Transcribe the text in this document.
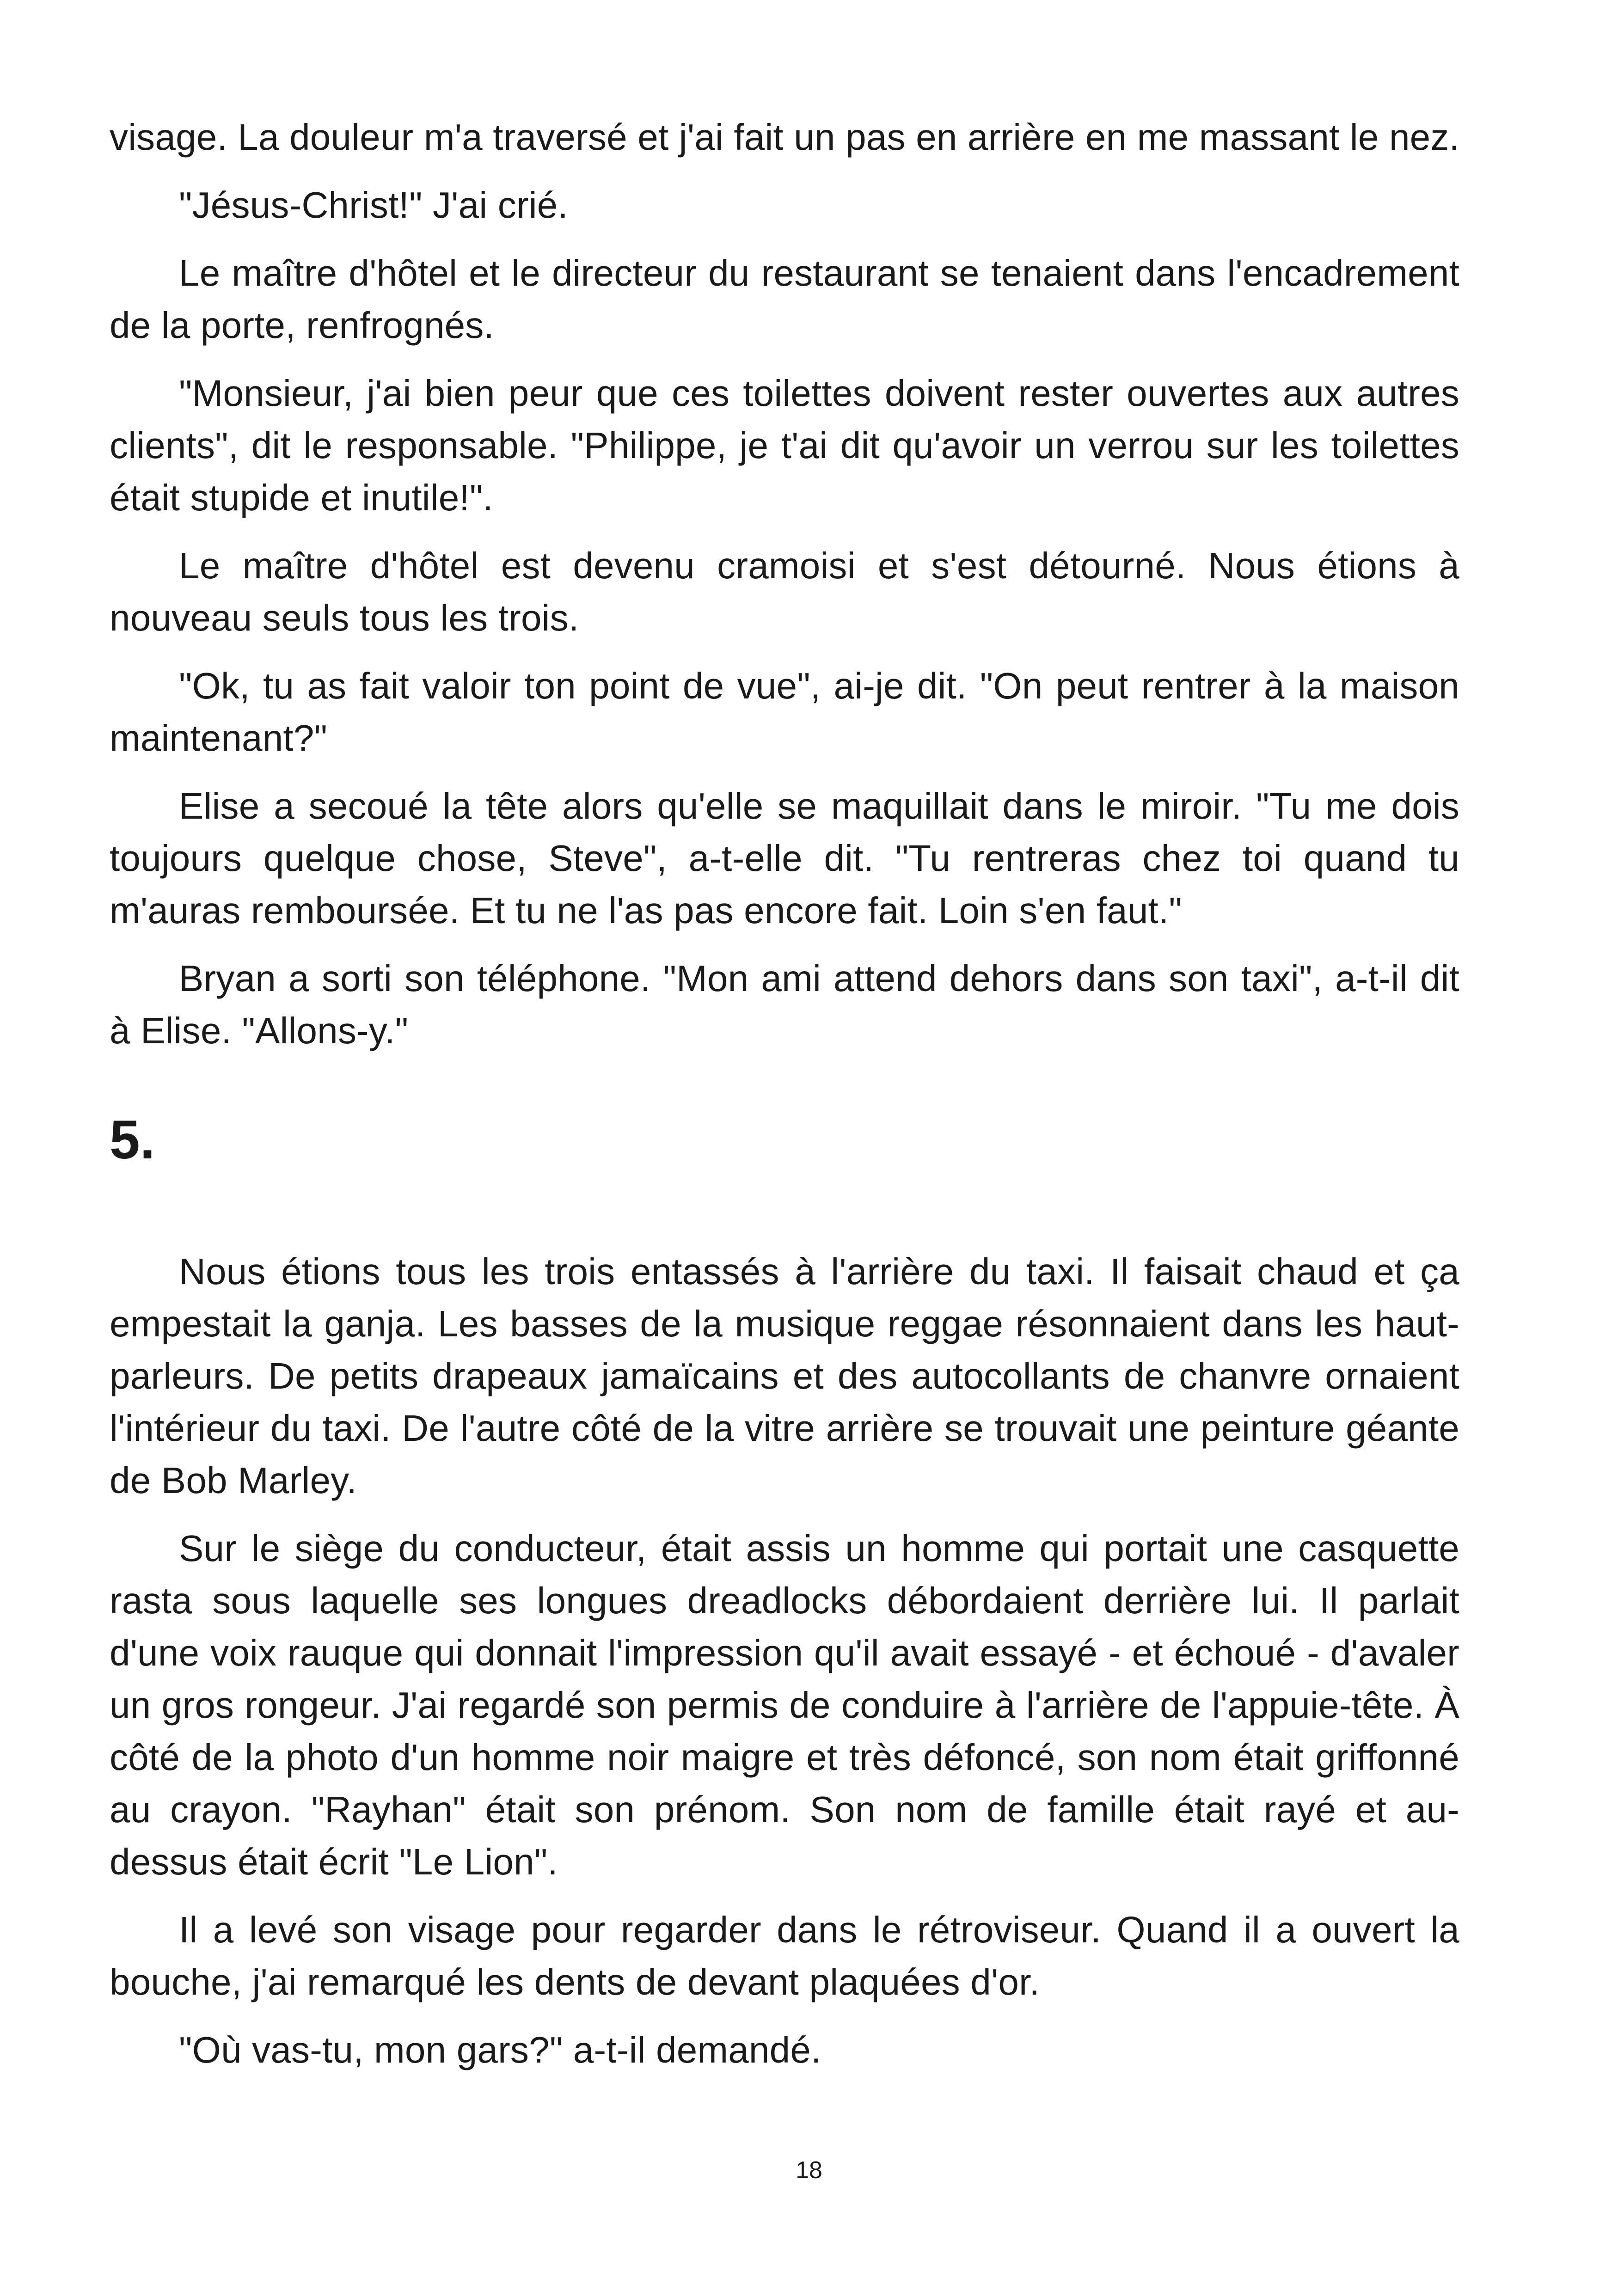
visage. La douleur m'a traversé et j'ai fait un pas en arrière en me massant le nez.

"Jésus-Christ!" J'ai crié.

Le maître d'hôtel et le directeur du restaurant se tenaient dans l'encadrement de la porte, renfrognés.

"Monsieur, j'ai bien peur que ces toilettes doivent rester ouvertes aux autres clients", dit le responsable. "Philippe, je t'ai dit qu'avoir un verrou sur les toilettes était stupide et inutile!".

Le maître d'hôtel est devenu cramoisi et s'est détourné. Nous étions à nouveau seuls tous les trois.

"Ok, tu as fait valoir ton point de vue", ai-je dit. "On peut rentrer à la maison maintenant?"

Elise a secoué la tête alors qu'elle se maquillait dans le miroir. "Tu me dois toujours quelque chose, Steve", a-t-elle dit. "Tu rentreras chez toi quand tu m'auras remboursée. Et tu ne l'as pas encore fait. Loin s'en faut."

Bryan a sorti son téléphone. "Mon ami attend dehors dans son taxi", a-t-il dit à Elise. "Allons-y."

5.

Nous étions tous les trois entassés à l'arrière du taxi. Il faisait chaud et ça empestait la ganja. Les basses de la musique reggae résonnaient dans les haut-parleurs. De petits drapeaux jamaïcains et des autocollants de chanvre ornaient l'intérieur du taxi. De l'autre côté de la vitre arrière se trouvait une peinture géante de Bob Marley.

Sur le siège du conducteur, était assis un homme qui portait une casquette rasta sous laquelle ses longues dreadlocks débordaient derrière lui. Il parlait d'une voix rauque qui donnait l'impression qu'il avait essayé - et échoué - d'avaler un gros rongeur. J'ai regardé son permis de conduire à l'arrière de l'appuie-tête. À côté de la photo d'un homme noir maigre et très défoncé, son nom était griffonné au crayon. "Rayhan" était son prénom. Son nom de famille était rayé et au-dessus était écrit "Le Lion".

Il a levé son visage pour regarder dans le rétroviseur. Quand il a ouvert la bouche, j'ai remarqué les dents de devant plaquées d'or.

"Où vas-tu, mon gars?" a-t-il demandé.

18
